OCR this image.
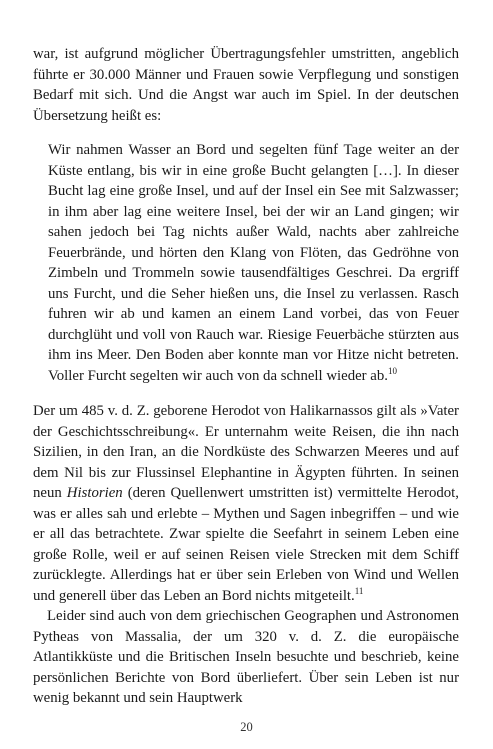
war, ist aufgrund möglicher Übertragungsfehler umstritten, angeblich führte er 30.000 Männer und Frauen sowie Verpflegung und sonstigen Bedarf mit sich. Und die Angst war auch im Spiel. In der deutschen Übersetzung heißt es:

Wir nahmen Wasser an Bord und segelten fünf Tage weiter an der Küste entlang, bis wir in eine große Bucht gelangten […]. In dieser Bucht lag eine große Insel, und auf der Insel ein See mit Salzwasser; in ihm aber lag eine weitere Insel, bei der wir an Land gingen; wir sahen jedoch bei Tag nichts außer Wald, nachts aber zahlreiche Feuerbrände, und hörten den Klang von Flöten, das Gedröhne von Zimbeln und Trommeln sowie tausendfältiges Geschrei. Da ergriff uns Furcht, und die Seher hießen uns, die Insel zu verlassen. Rasch fuhren wir ab und kamen an einem Land vorbei, das von Feuer durchglüht und voll von Rauch war. Riesige Feuerbäche stürzten aus ihm ins Meer. Den Boden aber konnte man vor Hitze nicht betreten. Voller Furcht segelten wir auch von da schnell wieder ab.$^{10}$

Der um 485 v. d. Z. geborene Herodot von Halikarnassos gilt als »Vater der Geschichtsschreibung«. Er unternahm weite Reisen, die ihn nach Sizilien, in den Iran, an die Nordküste des Schwarzen Meeres und auf dem Nil bis zur Flussinsel Elephantine in Ägypten führten. In seinen neun Historien (deren Quellenwert umstritten ist) vermittelte Herodot, was er alles sah und erlebte – Mythen und Sagen inbegriffen – und wie er all das betrachtete. Zwar spielte die Seefahrt in seinem Leben eine große Rolle, weil er auf seinen Reisen viele Strecken mit dem Schiff zurücklegte. Allerdings hat er über sein Erleben von Wind und Wellen und generell über das Leben an Bord nichts mitgeteilt.$^{11}$

Leider sind auch von dem griechischen Geographen und Astronomen Pytheas von Massalia, der um 320 v. d. Z. die europäische Atlantikküste und die Britischen Inseln besuchte und beschrieb, keine persönlichen Berichte von Bord überliefert. Über sein Leben ist nur wenig bekannt und sein Hauptwerk

20
